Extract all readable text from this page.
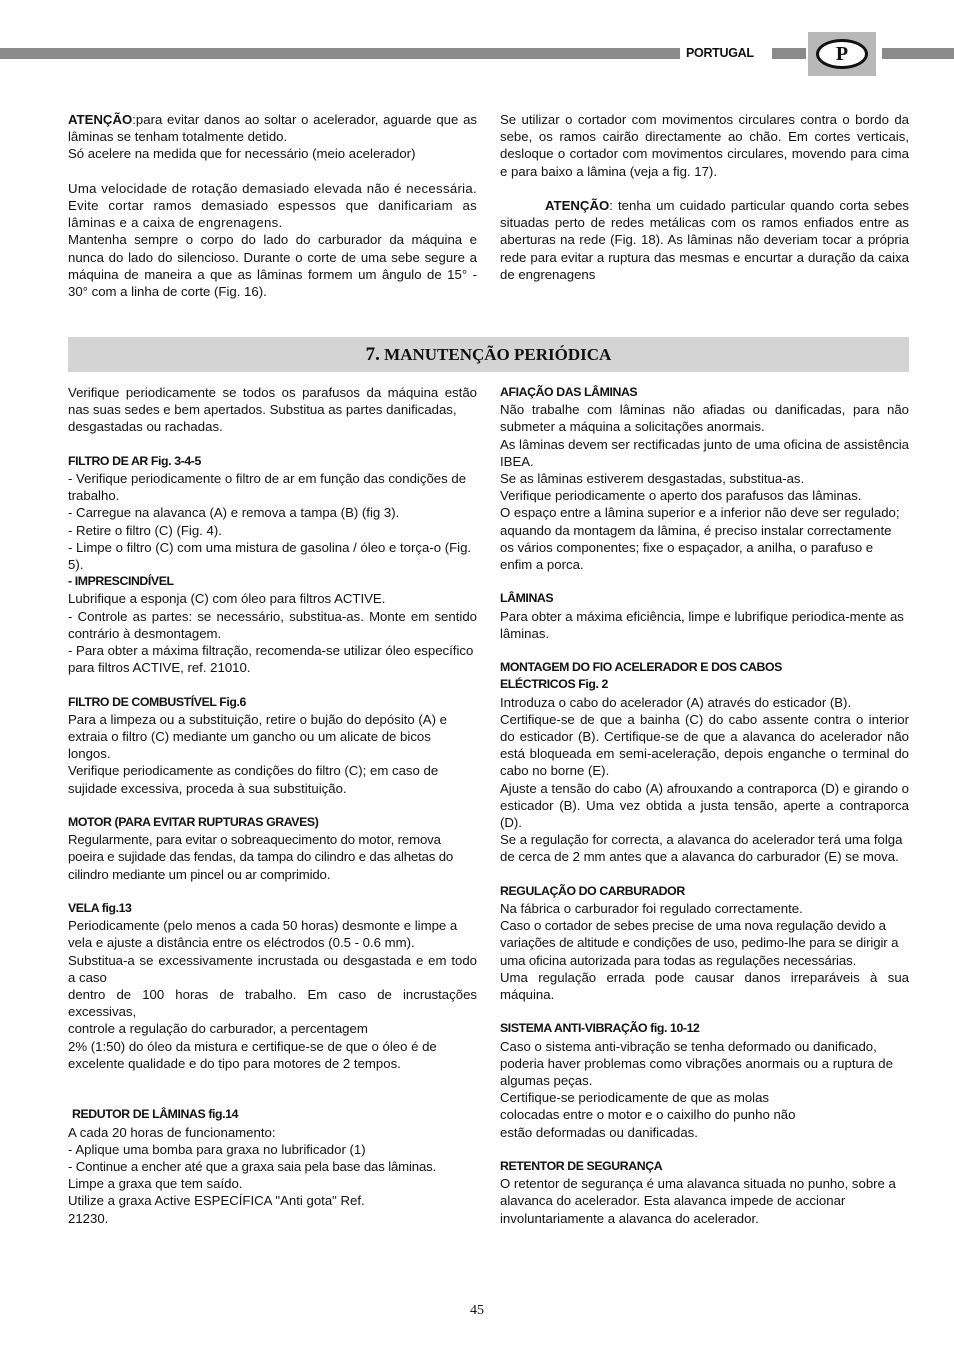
PORTUGAL	P

ATENÇÃO:para evitar danos ao soltar o acelerador, aguarde que as lâminas se tenham totalmente detido.

Só acelere na medida que for necessário (meio acelerador)

Uma velocidade de rotação demasiado elevada não é necessária. Evite cortar ramos demasiado espessos que danificariam as lâminas e a caixa de engrenagens.

Mantenha sempre o corpo do lado do carburador da máquina e nunca do lado do silencioso. Durante o corte de uma sebe segure a máquina de maneira a que as lâminas formem um ângulo de 15° - 30° com a linha de corte (Fig. 16).

Se utilizar o cortador com movimentos circulares contra o bordo da sebe, os ramos cairão directamente ao chão. Em cortes verticais, desloque o cortador com movimentos circulares, movendo para cima e para baixo a lâmina (veja a fig. 17).

ATENÇÃO: tenha um cuidado particular quando corta sebes situadas perto de redes metálicas com os ramos enfiados entre as aberturas na rede (Fig. 18). As lâminas não deveriam tocar a própria rede para evitar a ruptura das mesmas e encurtar a duração da caixa de engrenagens

7. MANUTENÇÃO PERIÓDICA

Verifique periodicamente se todos os parafusos da máquina estão nas suas sedes e bem apertados. Substitua as partes danificadas,

desgastadas ou rachadas.

FILTRO DE AR Fig. 3-4-5

- Verifique periodicamente o filtro de ar em função das condições de trabalho.

- Carregue na alavanca (A) e remova a tampa (B) (fig 3).

- Retire o filtro (C) (Fig. 4).

- Limpe o filtro (C) com uma mistura de gasolina / óleo e torça-o (Fig. 5).

- IMPRESCINDÍVEL

Lubrifique a esponja (C) com óleo para filtros ACTIVE.

- Controle as partes: se necessário, substitua-as. Monte em sentido contrário à desmontagem.

- Para obter a máxima filtração, recomenda-se utilizar óleo específico para filtros ACTIVE, ref. 21010.

FILTRO DE COMBUSTÍVEL Fig.6

Para a limpeza ou a substituição, retire o bujão do depósito (A) e

extraia o filtro (C) mediante um gancho ou um alicate de bicos longos.

Verifique periodicamente as condições do filtro (C); em caso de sujidade excessiva, proceda à sua substituição.

MOTOR (PARA EVITAR RUPTURAS GRAVES)

Regularmente, para evitar o sobreaquecimento do motor, remova poeira e sujidade das fendas, da tampa do cilindro e das alhetas do cilindro mediante um pincel ou ar comprimido.

VELA fig.13

Periodicamente (pelo menos a cada 50 horas) desmonte e limpe a

vela e ajuste a distância entre os eléctrodos (0.5 - 0.6 mm).

Substitua-a se excessivamente incrustada ou desgastada e em todo a caso

dentro de 100 horas de trabalho. Em caso de incrustações excessivas,

controle a regulação do carburador, a percentagem

2% (1:50) do óleo da mistura e certifique-se de que o óleo é de excelente qualidade e do tipo para motores de 2 tempos.

REDUTOR DE LÂMINAS fig.14

A cada 20 horas de funcionamento:

- Aplique uma bomba para graxa no lubrificador (1)

- Continue a encher até que a graxa saia pela base das lâminas.

Limpe a graxa que tem saído.

Utilize a graxa Active ESPECÍFICA "Anti gota" Ref.

21230.

AFIAÇÃO DAS LÂMINAS

Não trabalhe com lâminas não afiadas ou danificadas, para não submeter a máquina a solicitações anormais.

As lâminas devem ser rectificadas junto de uma oficina de assistência IBEA.

Se as lâminas estiverem desgastadas, substitua-as.

Verifique periodicamente o aperto dos parafusos das lâminas.

O espaço entre a lâmina superior e a inferior não deve ser regulado; aquando da montagem da lâmina, é preciso instalar correctamente os vários componentes; fixe o espaçador, a anilha, o parafuso e enfim a porca.

LÂMINAS

Para obter a máxima eficiência, limpe e lubrifique periodica-mente as lâminas.

MONTAGEM DO FIO ACELERADOR E DOS CABOS

ELÉCTRICOS Fig. 2

Introduza o cabo do acelerador (A) através do esticador (B).

Certifique-se de que a bainha (C) do cabo assente contra o interior do esticador (B). Certifique-se de que a alavanca do acelerador não está bloqueada em semi-aceleração, depois enganche o terminal do cabo no borne (E).

Ajuste a tensão do cabo (A) afrouxando a contraporca (D) e girando o esticador (B). Uma vez obtida a justa tensão, aperte a contraporca (D).

Se a regulação for correcta, a alavanca do acelerador terá uma folga de cerca de 2 mm antes que a alavanca do carburador (E) se mova.

REGULAÇÃO DO CARBURADOR

Na fábrica o carburador foi regulado correctamente.

Caso o cortador de sebes precise de uma nova regulação devido a variações de altitude e condições de uso, pedimo-lhe para se dirigir a uma oficina autorizada para todas as regulações necessárias.

Uma regulação errada pode causar danos irreparáveis à sua máquina.

SISTEMA ANTI-VIBRAÇÃO fig. 10-12

Caso o sistema anti-vibração se tenha deformado ou danificado, poderia haver problemas como vibrações anormais ou a ruptura de algumas peças.

Certifique-se periodicamente de que as molas

colocadas entre o motor e o caixilho do punho não

estão deformadas ou danificadas.

RETENTOR DE SEGURANÇA

O retentor de segurança é uma alavanca situada no punho, sobre a alavanca do acelerador. Esta alavanca impede de accionar involuntariamente a alavanca do acelerador.

45
